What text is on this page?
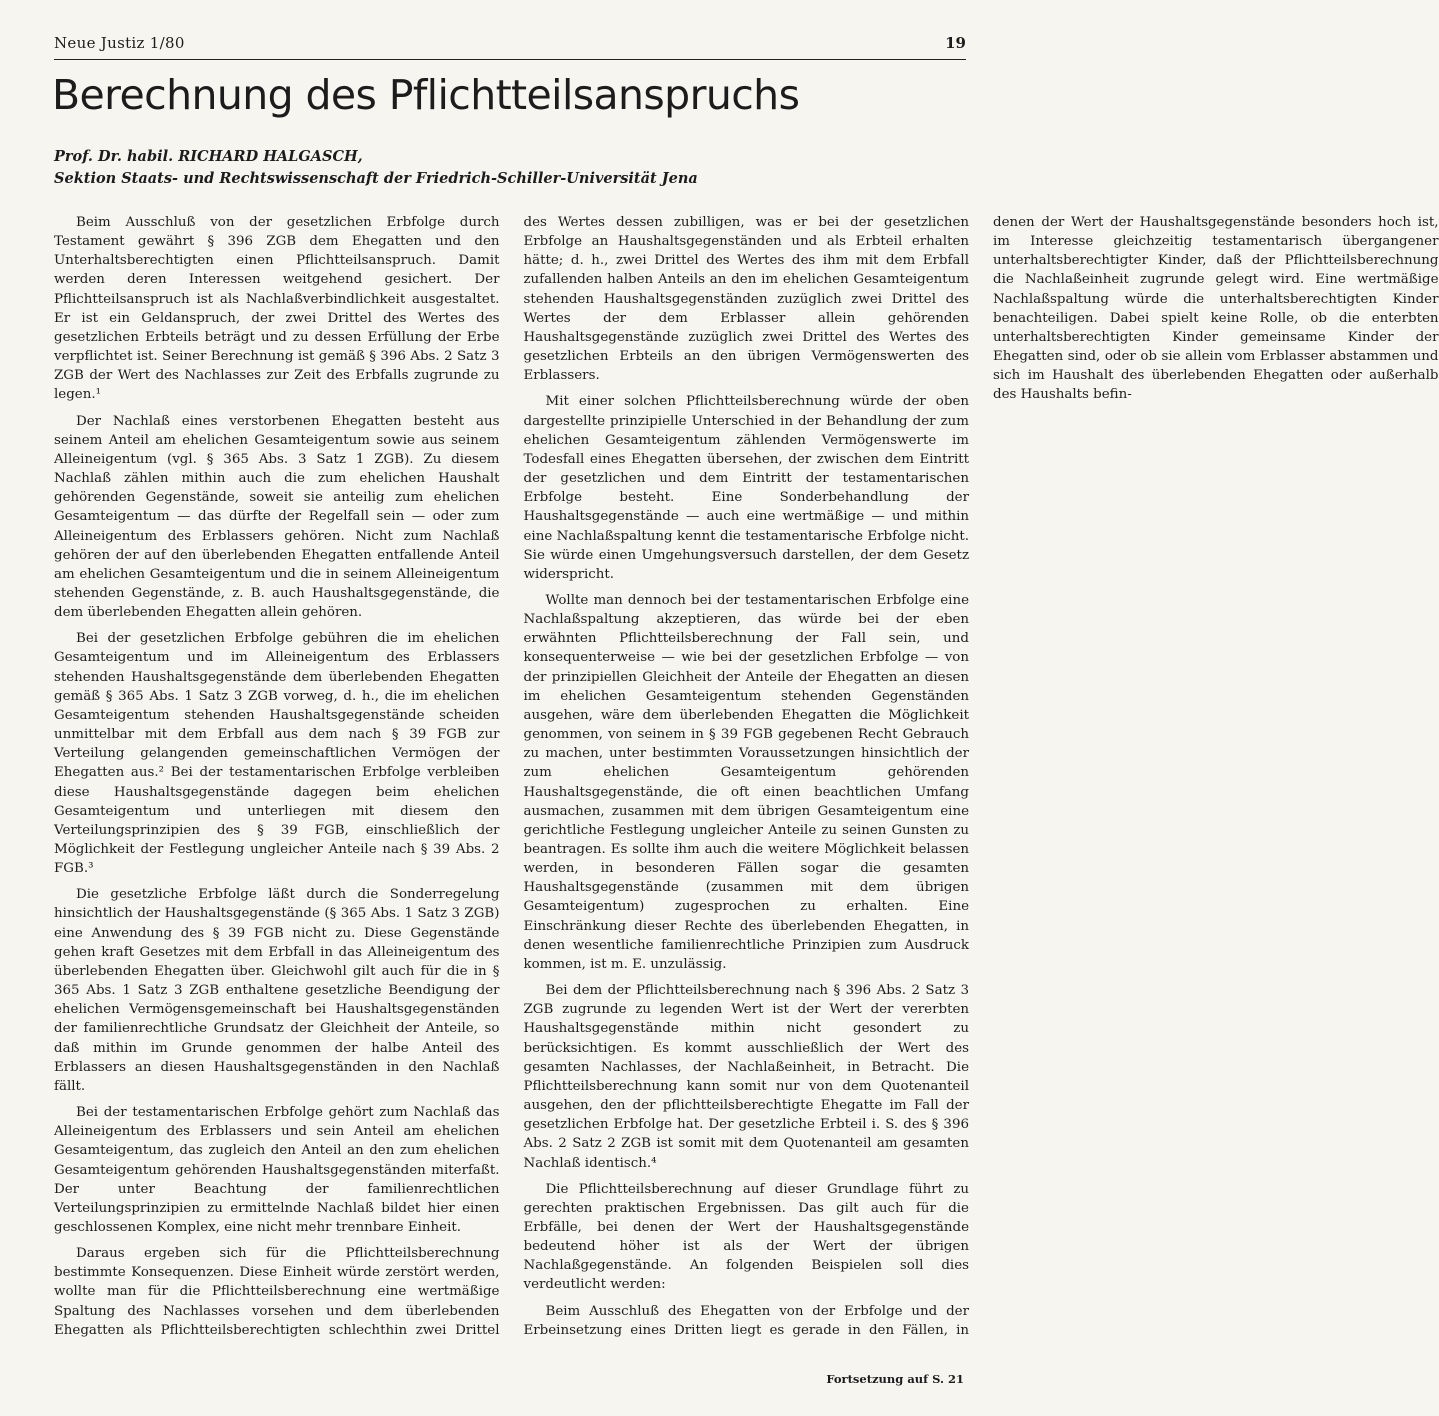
Neue Justiz 1/80	19
Berechnung des Pflichtteilsanspruchs
Prof. Dr. habil. RICHARD HALGASCH,
Sektion Staats- und Rechtswissenschaft der Friedrich-Schiller-Universität Jena

Beim Ausschluß von der gesetzlichen Erbfolge durch Testament gewährt § 396 ZGB dem Ehegatten und den Unterhaltsberechtigten einen Pflichtteilsanspruch. Damit werden deren Interessen weitgehend gesichert. Der Pflichtteilsanspruch ist als Nachlaßverbindlichkeit ausgestaltet. Er ist ein Geldanspruch, der zwei Drittel des Wertes des gesetzlichen Erbteils beträgt und zu dessen Erfüllung der Erbe verpflichtet ist. Seiner Berechnung ist gemäß § 396 Abs. 2 Satz 3 ZGB der Wert des Nachlasses zur Zeit des Erbfalls zugrunde zu legen.¹

Der Nachlaß eines verstorbenen Ehegatten besteht aus seinem Anteil am ehelichen Gesamteigentum sowie aus seinem Alleineigentum (vgl. § 365 Abs. 3 Satz 1 ZGB). Zu diesem Nachlaß zählen mithin auch die zum ehelichen Haushalt gehörenden Gegenstände, soweit sie anteilig zum ehelichen Gesamteigentum — das dürfte der Regelfall sein — oder zum Alleineigentum des Erblassers gehören. Nicht zum Nachlaß gehören der auf den überlebenden Ehegatten entfallende Anteil am ehelichen Gesamteigentum und die in seinem Alleineigentum stehenden Gegenstände, z. B. auch Haushaltsgegenstände, die dem überlebenden Ehegatten allein gehören.

Bei der gesetzlichen Erbfolge gebühren die im ehelichen Gesamteigentum und im Alleineigentum des Erblassers stehenden Haushaltsgegenstände dem überlebenden Ehegatten gemäß § 365 Abs. 1 Satz 3 ZGB vorweg, d. h., die im ehelichen Gesamteigentum stehenden Haushaltsgegenstände scheiden unmittelbar mit dem Erbfall aus dem nach § 39 FGB zur Verteilung gelangenden gemeinschaftlichen Vermögen der Ehegatten aus.² Bei der testamentarischen Erbfolge verbleiben diese Haushaltsgegenstände dagegen beim ehelichen Gesamteigentum und unterliegen mit diesem den Verteilungsprinzipien des § 39 FGB, einschließlich der Möglichkeit der Festlegung ungleicher Anteile nach § 39 Abs. 2 FGB.³

Die gesetzliche Erbfolge läßt durch die Sonderregelung hinsichtlich der Haushaltsgegenstände (§ 365 Abs. 1 Satz 3 ZGB) eine Anwendung des § 39 FGB nicht zu. Diese Gegenstände gehen kraft Gesetzes mit dem Erbfall in das Alleineigentum des überlebenden Ehegatten über. Gleichwohl gilt auch für die in § 365 Abs. 1 Satz 3 ZGB enthaltene gesetzliche Beendigung der ehelichen Vermögensgemeinschaft bei Haushaltsgegenständen der familienrechtliche Grundsatz der Gleichheit der Anteile, so daß mithin im Grunde genommen der halbe Anteil des Erblassers an diesen Haushaltsgegenständen in den Nachlaß fällt.

Bei der testamentarischen Erbfolge gehört zum Nachlaß das Alleineigentum des Erblassers und sein Anteil am ehelichen Gesamteigentum, das zugleich den Anteil an den zum ehelichen Gesamteigentum gehörenden Haushaltsgegenständen miterfaßt. Der unter Beachtung der familienrechtlichen Verteilungsprinzipien zu ermittelnde Nachlaß bildet hier einen geschlossenen Komplex, eine nicht mehr trennbare Einheit.

Daraus ergeben sich für die Pflichtteilsberechnung bestimmte Konsequenzen. Diese Einheit würde zerstört werden, wollte man für die Pflichtteilsberechnung eine wertmäßige Spaltung des Nachlasses vorsehen und dem überlebenden Ehegatten als Pflichtteilsberechtigten schlechthin zwei Drittel des Wertes dessen zubilligen, was er bei der gesetzlichen Erbfolge an Haushaltsgegenständen und als Erbteil erhalten hätte; d. h., zwei Drittel des Wertes des ihm mit dem Erbfall zufallenden halben Anteils an den im ehelichen Gesamteigentum stehenden Haushaltsgegenständen zuzüglich zwei Drittel des Wertes der dem Erblasser allein gehörenden Haushaltsgegenstände zuzüglich zwei Drittel des Wertes des gesetzlichen Erbteils an den übrigen Vermögenswerten des Erblassers.

Mit einer solchen Pflichtteilsberechnung würde der oben dargestellte prinzipielle Unterschied in der Behandlung der zum ehelichen Gesamteigentum zählenden Vermögenswerte im Todesfall eines Ehegatten übersehen, der zwischen dem Eintritt der gesetzlichen und dem Eintritt der testamentarischen Erbfolge besteht. Eine Sonderbehandlung der Haushaltsgegenstände — auch eine wertmäßige — und mithin eine Nachlaßspaltung kennt die testamentarische Erbfolge nicht. Sie würde einen Umgehungsversuch darstellen, der dem Gesetz widerspricht.

Wollte man dennoch bei der testamentarischen Erbfolge eine Nachlaßspaltung akzeptieren, das würde bei der eben erwähnten Pflichtteilsberechnung der Fall sein, und konsequenterweise — wie bei der gesetzlichen Erbfolge — von der prinzipiellen Gleichheit der Anteile der Ehegatten an diesen im ehelichen Gesamteigentum stehenden Gegenständen ausgehen, wäre dem überlebenden Ehegatten die Möglichkeit genommen, von seinem in § 39 FGB gegebenen Recht Gebrauch zu machen, unter bestimmten Voraussetzungen hinsichtlich der zum ehelichen Gesamteigentum gehörenden Haushaltsgegenstände, die oft einen beachtlichen Umfang ausmachen, zusammen mit dem übrigen Gesamteigentum eine gerichtliche Festlegung ungleicher Anteile zu seinen Gunsten zu beantragen. Es sollte ihm auch die weitere Möglichkeit belassen werden, in besonderen Fällen sogar die gesamten Haushaltsgegenstände (zusammen mit dem übrigen Gesamteigentum) zugesprochen zu erhalten. Eine Einschränkung dieser Rechte des überlebenden Ehegatten, in denen wesentliche familienrechtliche Prinzipien zum Ausdruck kommen, ist m. E. unzulässig.

Bei dem der Pflichtteilsberechnung nach § 396 Abs. 2 Satz 3 ZGB zugrunde zu legenden Wert ist der Wert der vererbten Haushaltsgegenstände mithin nicht gesondert zu berücksichtigen. Es kommt ausschließlich der Wert des gesamten Nachlasses, der Nachlaßeinheit, in Betracht. Die Pflichtteilsberechnung kann somit nur von dem Quotenanteil ausgehen, den der pflichtteilsberechtigte Ehegatte im Fall der gesetzlichen Erbfolge hat. Der gesetzliche Erbteil i. S. des § 396 Abs. 2 Satz 2 ZGB ist somit mit dem Quotenanteil am gesamten Nachlaß identisch.⁴

Die Pflichtteilsberechnung auf dieser Grundlage führt zu gerechten praktischen Ergebnissen. Das gilt auch für die Erbfälle, bei denen der Wert der Haushaltsgegenstände bedeutend höher ist als der Wert der übrigen Nachlaßgegenstände. An folgenden Beispielen soll dies verdeutlicht werden:

Beim Ausschluß des Ehegatten von der Erbfolge und der Erbeinsetzung eines Dritten liegt es gerade in den Fällen, in denen der Wert der Haushaltsgegenstände besonders hoch ist, im Interesse gleichzeitig testamentarisch übergangener unterhaltsberechtigter Kinder, daß der Pflichtteilsberechnung die Nachlaßeinheit zugrunde gelegt wird. Eine wertmäßige Nachlaßspaltung würde die unterhaltsberechtigten Kinder benachteiligen. Dabei spielt keine Rolle, ob die enterbten unterhaltsberechtigten Kinder gemeinsame Kinder der Ehegatten sind, oder ob sie allein vom Erblasser abstammen und sich im Haushalt des überlebenden Ehegatten oder außerhalb des Haushalts befin-

Fortsetzung auf S. 21
